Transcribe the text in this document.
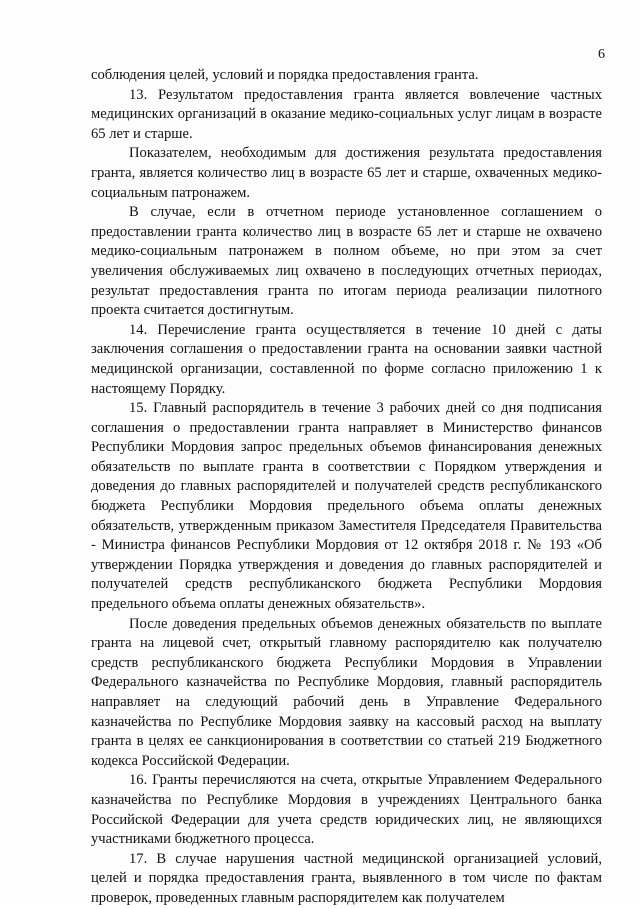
6

соблюдения целей, условий и порядка предоставления гранта.

13. Результатом предоставления гранта является вовлечение частных медицинских организаций в оказание медико-социальных услуг лицам в возрасте 65 лет и старше.

Показателем, необходимым для достижения результата предоставления гранта, является количество лиц в возрасте 65 лет и старше, охваченных медико-социальным патронажем.

В случае, если в отчетном периоде установленное соглашением о предоставлении гранта количество лиц в возрасте 65 лет и старше не охвачено медико-социальным патронажем в полном объеме, но при этом за счет увеличения обслуживаемых лиц охвачено в последующих отчетных периодах, результат предоставления гранта по итогам периода реализации пилотного проекта считается достигнутым.

14. Перечисление гранта осуществляется в течение 10 дней с даты заключения соглашения о предоставлении гранта на основании заявки частной медицинской организации, составленной по форме согласно приложению 1 к настоящему Порядку.

15. Главный распорядитель в течение 3 рабочих дней со дня подписания соглашения о предоставлении гранта направляет в Министерство финансов Республики Мордовия запрос предельных объемов финансирования денежных обязательств по выплате гранта в соответствии с Порядком утверждения и доведения до главных распорядителей и получателей средств республиканского бюджета Республики Мордовия предельного объема оплаты денежных обязательств, утвержденным приказом Заместителя Председателя Правительства - Министра финансов Республики Мордовия от 12 октября 2018 г. № 193 «Об утверждении Порядка утверждения и доведения до главных распорядителей и получателей средств республиканского бюджета Республики Мордовия предельного объема оплаты денежных обязательств».

После доведения предельных объемов денежных обязательств по выплате гранта на лицевой счет, открытый главному распорядителю как получателю средств республиканского бюджета Республики Мордовия в Управлении Федерального казначейства по Республике Мордовия, главный распорядитель направляет на следующий рабочий день в Управление Федерального казначейства по Республике Мордовия заявку на кассовый расход на выплату гранта в целях ее санкционирования в соответствии со статьей 219 Бюджетного кодекса Российской Федерации.

16. Гранты перечисляются на счета, открытые Управлением Федерального казначейства по Республике Мордовия в учреждениях Центрального банка Российской Федерации для учета средств юридических лиц, не являющихся участниками бюджетного процесса.

17. В случае нарушения частной медицинской организацией условий, целей и порядка предоставления гранта, выявленного в том числе по фактам проверок, проведенных главным распорядителем как получателем
